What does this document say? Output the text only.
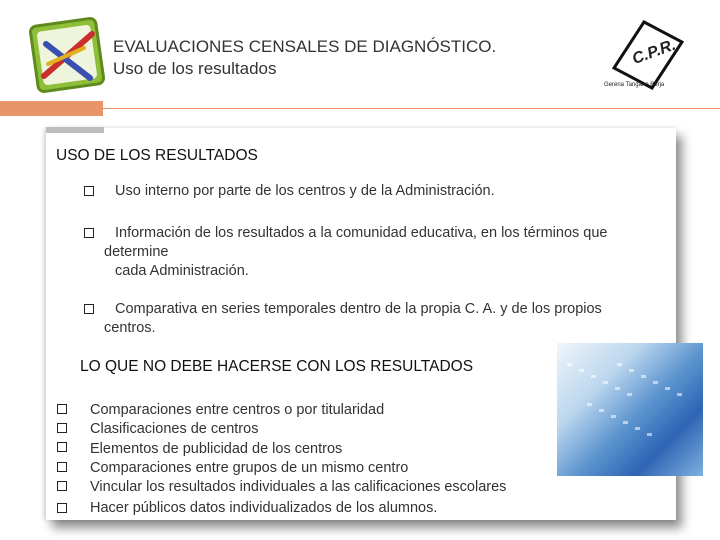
EVALUACIONES CENSALES DE DIAGNÓSTICO.
Uso de los resultados
C.P.R.
Gerena Tangano Burja
USO DE LOS RESULTADOS
Uso interno por parte de los centros y de la Administración.
Información de los resultados a la comunidad educativa, en los términos que
determine
cada Administración.
Comparativa en series temporales dentro de la propia C. A. y de los propios
centros.
LO QUE NO DEBE HACERSE CON LOS RESULTADOS
Comparaciones entre centros o por titularidad
Clasificaciones de centros
Elementos de publicidad de los centros
Comparaciones entre grupos de un mismo centro
Vincular los resultados individuales a las calificaciones escolares
Hacer públicos datos individualizados de los alumnos.
